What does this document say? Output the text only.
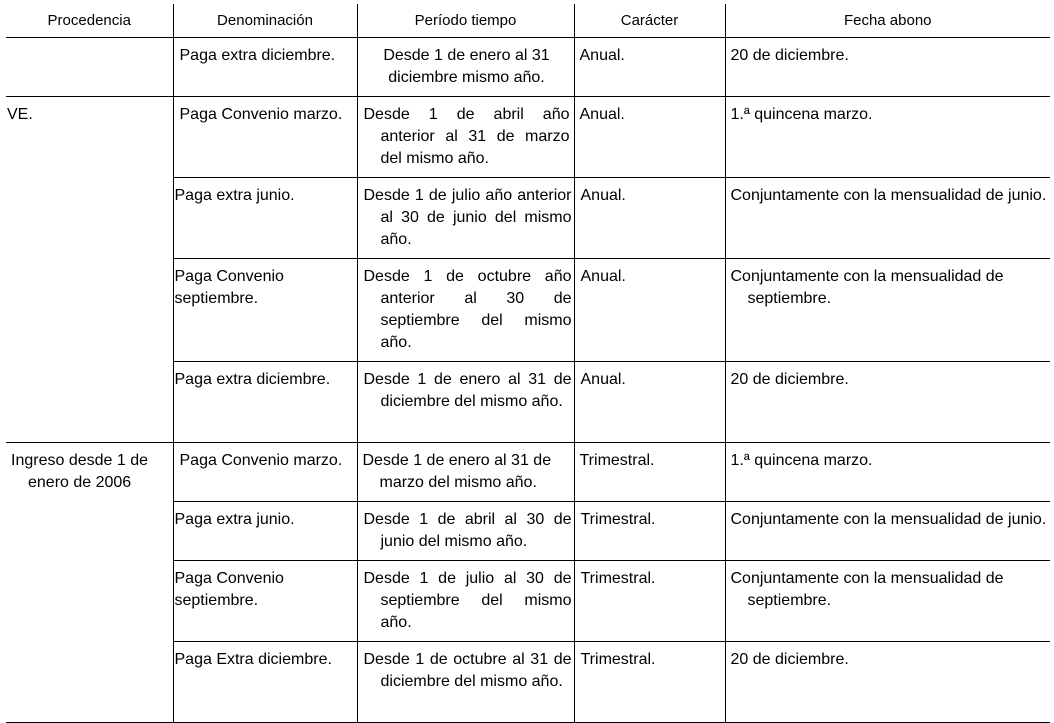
Procedencia	Denominación	Período tiempo	Carácter	Fecha abono
	Paga extra diciembre.	Desde 1 de enero al 31 diciembre mismo año.	Anual.	20 de diciembre.
VE.	Paga Convenio marzo.	Desde 1 de abril año anterior al 31 de marzo del mismo año.	Anual.	1.ª quincena marzo.
	Paga extra junio.	Desde 1 de julio año anterior al 30 de junio del mismo año.	Anual.	Conjuntamente con la mensualidad de junio.
	Paga Convenio septiembre.	Desde 1 de octubre año anterior al 30 de septiembre del mismo año.	Anual.	Conjuntamente con la mensualidad de septiembre.
	Paga extra diciembre.	Desde 1 de enero al 31 de diciembre del mismo año.	Anual.	20 de diciembre.
Ingreso desde 1 de enero de 2006	Paga Convenio marzo.	Desde 1 de enero al 31 de marzo del mismo año.	Trimestral.	1.ª quincena marzo.
	Paga extra junio.	Desde 1 de abril al 30 de junio del mismo año.	Trimestral.	Conjuntamente con la mensualidad de junio.
	Paga Convenio septiembre.	Desde 1 de julio al 30 de septiembre del mismo año.	Trimestral.	Conjuntamente con la mensualidad de septiembre.
	Paga Extra diciembre.	Desde 1 de octubre al 31 de diciembre del mismo año.	Trimestral.	20 de diciembre.
